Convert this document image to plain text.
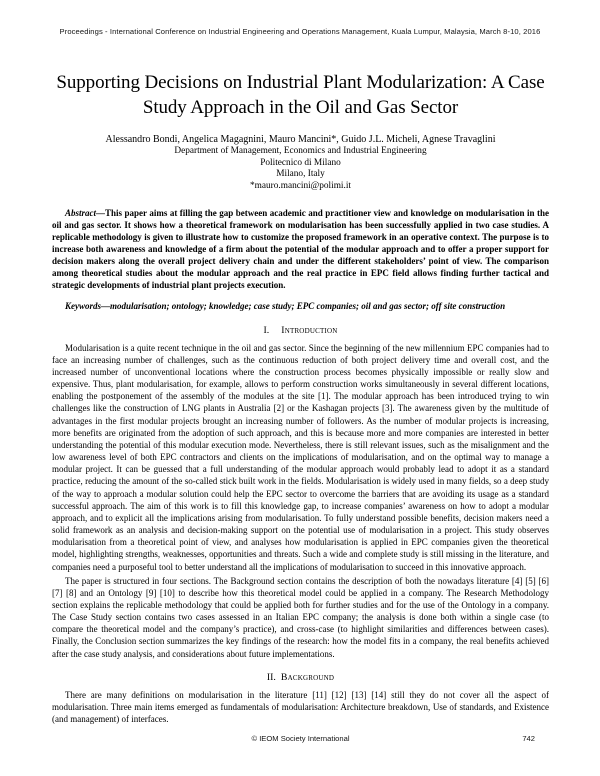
Proceedings - International Conference on Industrial Engineering and Operations Management, Kuala Lumpur, Malaysia, March 8-10, 2016
Supporting Decisions on Industrial Plant Modularization: A Case Study Approach in the Oil and Gas Sector
Alessandro Bondi, Angelica Magagnini, Mauro Mancini*, Guido J.L. Micheli, Agnese Travaglini
Department of Management, Economics and Industrial Engineering
Politecnico di Milano
Milano, Italy
*mauro.mancini@polimi.it

Abstract—This paper aims at filling the gap between academic and practitioner view and knowledge on modularisation in the oil and gas sector. It shows how a theoretical framework on modularisation has been successfully applied in two case studies. A replicable methodology is given to illustrate how to customize the proposed framework in an operative context. The purpose is to increase both awareness and knowledge of a firm about the potential of the modular approach and to offer a proper support for decision makers along the overall project delivery chain and under the different stakeholders’ point of view. The comparison among theoretical studies about the modular approach and the real practice in EPC field allows finding further tactical and strategic developments of industrial plant projects execution.

Keywords—modularisation; ontology; knowledge; case study; EPC companies; oil and gas sector; off site construction

I. Introduction

Modularisation is a quite recent technique in the oil and gas sector. Since the beginning of the new millennium EPC companies had to face an increasing number of challenges, such as the continuous reduction of both project delivery time and overall cost, and the increased number of unconventional locations where the construction process becomes physically impossible or really slow and expensive. Thus, plant modularisation, for example, allows to perform construction works simultaneously in several different locations, enabling the postponement of the assembly of the modules at the site [1]. The modular approach has been introduced trying to win challenges like the construction of LNG plants in Australia [2] or the Kashagan projects [3]. The awareness given by the multitude of advantages in the first modular projects brought an increasing number of followers. As the number of modular projects is increasing, more benefits are originated from the adoption of such approach, and this is because more and more companies are interested in better understanding the potential of this modular execution mode. Nevertheless, there is still relevant issues, such as the misalignment and the low awareness level of both EPC contractors and clients on the implications of modularisation, and on the optimal way to manage a modular project. It can be guessed that a full understanding of the modular approach would probably lead to adopt it as a standard practice, reducing the amount of the so-called stick built work in the fields. Modularisation is widely used in many fields, so a deep study of the way to approach a modular solution could help the EPC sector to overcome the barriers that are avoiding its usage as a standard successful approach. The aim of this work is to fill this knowledge gap, to increase companies’ awareness on how to adopt a modular approach, and to explicit all the implications arising from modularisation. To fully understand possible benefits, decision makers need a solid framework as an analysis and decision-making support on the potential use of modularisation in a project. This study observes modularisation from a theoretical point of view, and analyses how modularisation is applied in EPC companies given the theoretical model, highlighting strengths, weaknesses, opportunities and threats. Such a wide and complete study is still missing in the literature, and companies need a purposeful tool to better understand all the implications of modularisation to succeed in this innovative approach.

The paper is structured in four sections. The Background section contains the description of both the nowadays literature [4] [5] [6] [7] [8] and an Ontology [9] [10] to describe how this theoretical model could be applied in a company. The Research Methodology section explains the replicable methodology that could be applied both for further studies and for the use of the Ontology in a company. The Case Study section contains two cases assessed in an Italian EPC company; the analysis is done both within a single case (to compare the theoretical model and the company’s practice), and cross-case (to highlight similarities and differences between cases). Finally, the Conclusion section summarizes the key findings of the research: how the model fits in a company, the real benefits achieved after the case study analysis, and considerations about future implementations.

II. Background

There are many definitions on modularisation in the literature [11] [12] [13] [14] still they do not cover all the aspect of modularisation. Three main items emerged as fundamentals of modularisation: Architecture breakdown, Use of standards, and Existence (and management) of interfaces.

© IEOM Society International	742
